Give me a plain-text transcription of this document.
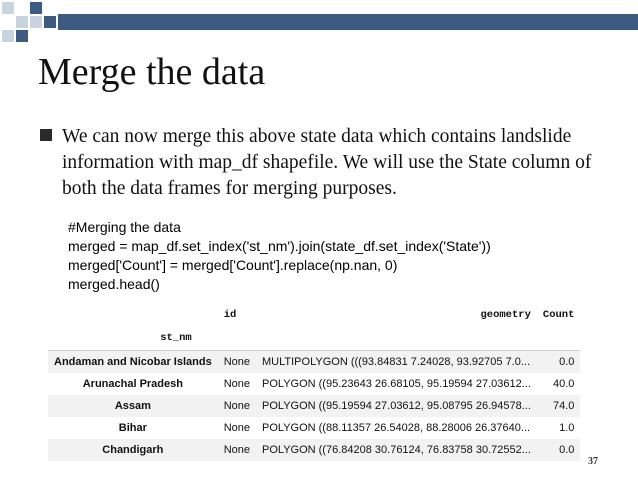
Merge the data
We can now merge this above state data which contains landslide information with map_df shapefile. We will use the State column of both the data frames for merging purposes.
#Merging the data
merged = map_df.set_index('st_nm').join(state_df.set_index('State'))
merged['Count'] = merged['Count'].replace(np.nan, 0)
merged.head()
	id	geometry	Count
st_nm			
Andaman and Nicobar Islands	None	MULTIPOLYGON (((93.84831 7.24028, 93.92705 7.0...	0.0
Arunachal Pradesh	None	POLYGON ((95.23643 26.68105, 95.19594 27.03612...	40.0
Assam	None	POLYGON ((95.19594 27.03612, 95.08795 26.94578...	74.0
Bihar	None	POLYGON ((88.11357 26.54028, 88.28006 26.37640...	1.0
Chandigarh	None	POLYGON ((76.84208 30.76124, 76.83758 30.72552...	0.0
37
